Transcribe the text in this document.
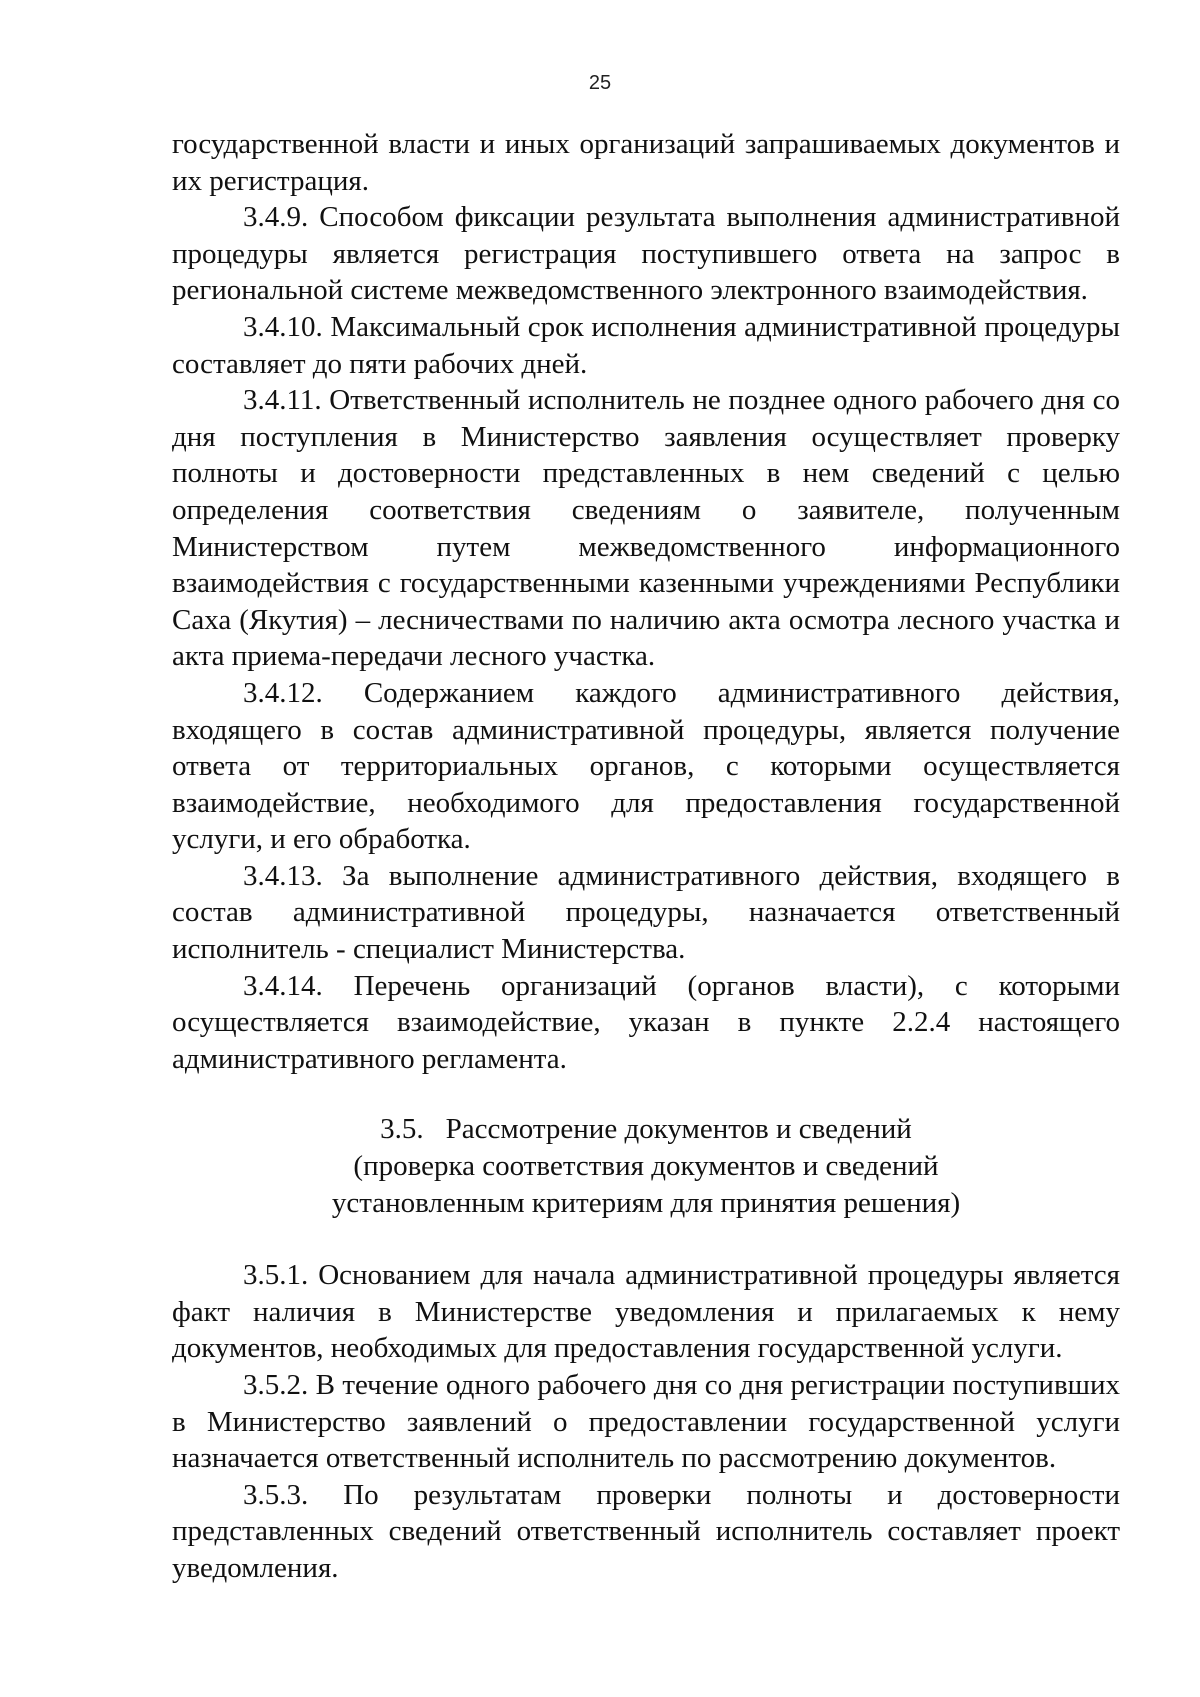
25

государственной власти и иных организаций запрашиваемых документов и их регистрация.

3.4.9. Способом фиксации результата выполнения административной процедуры является регистрация поступившего ответа на запрос в региональной системе межведомственного электронного взаимодействия.

3.4.10. Максимальный срок исполнения административной процедуры составляет до пяти рабочих дней.

3.4.11. Ответственный исполнитель не позднее одного рабочего дня со дня поступления в Министерство заявления осуществляет проверку полноты и достоверности представленных в нем сведений с целью определения соответствия сведениям о заявителе, полученным Министерством путем межведомственного информационного взаимодействия с государственными казенными учреждениями Республики Саха (Якутия) – лесничествами по наличию акта осмотра лесного участка и акта приема-передачи лесного участка.

3.4.12. Содержанием каждого административного действия, входящего в состав административной процедуры, является получение ответа от территориальных органов, с которыми осуществляется взаимодействие, необходимого для предоставления государственной услуги, и его обработка.

3.4.13. За выполнение административного действия, входящего в состав административной процедуры, назначается ответственный исполнитель - специалист Министерства.

3.4.14. Перечень организаций (органов власти), с которыми осуществляется взаимодействие, указан в пункте 2.2.4 настоящего административного регламента.

3.5. Рассмотрение документов и сведений
(проверка соответствия документов и сведений
установленным критериям для принятия решения)

3.5.1. Основанием для начала административной процедуры является факт наличия в Министерстве уведомления и прилагаемых к нему документов, необходимых для предоставления государственной услуги.

3.5.2. В течение одного рабочего дня со дня регистрации поступивших в Министерство заявлений о предоставлении государственной услуги назначается ответственный исполнитель по рассмотрению документов.

3.5.3. По результатам проверки полноты и достоверности представленных сведений ответственный исполнитель составляет проект уведомления.
